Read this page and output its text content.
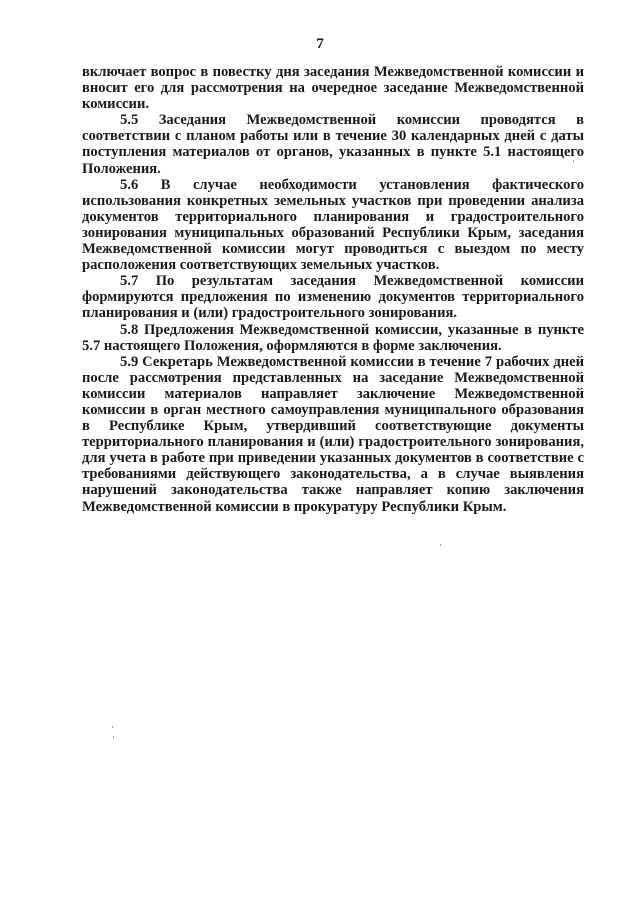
7

включает вопрос в повестку дня заседания Межведомственной комиссии и вносит его для рассмотрения на очередное заседание Межведомственной комиссии.

5.5 Заседания Межведомственной комиссии проводятся в соответствии с планом работы или в течение 30 календарных дней с даты поступления материалов от органов, указанных в пункте 5.1 настоящего Положения.

5.6 В случае необходимости установления фактического использования конкретных земельных участков при проведении анализа документов территориального планирования и градостроительного зонирования муниципальных образований Республики Крым, заседания Межведомственной комиссии могут проводиться с выездом по месту расположения соответствующих земельных участков.

5.7 По результатам заседания Межведомственной комиссии формируются предложения по изменению документов территориального планирования и (или) градостроительного зонирования.

5.8 Предложения Межведомственной комиссии, указанные в пункте 5.7 настоящего Положения, оформляются в форме заключения.

5.9 Секретарь Межведомственной комиссии в течение 7 рабочих дней после рассмотрения представленных на заседание Межведомственной комиссии материалов направляет заключение Межведомственной комиссии в орган местного самоуправления муниципального образования в Республике Крым, утвердивший соответствующие документы территориального планирования и (или) градостроительного зонирования, для учета в работе при приведении указанных документов в соответствие с требованиями действующего законодательства, а в случае выявления нарушений законодательства также направляет копию заключения Межведомственной комиссии в прокуратуру Республики Крым.
